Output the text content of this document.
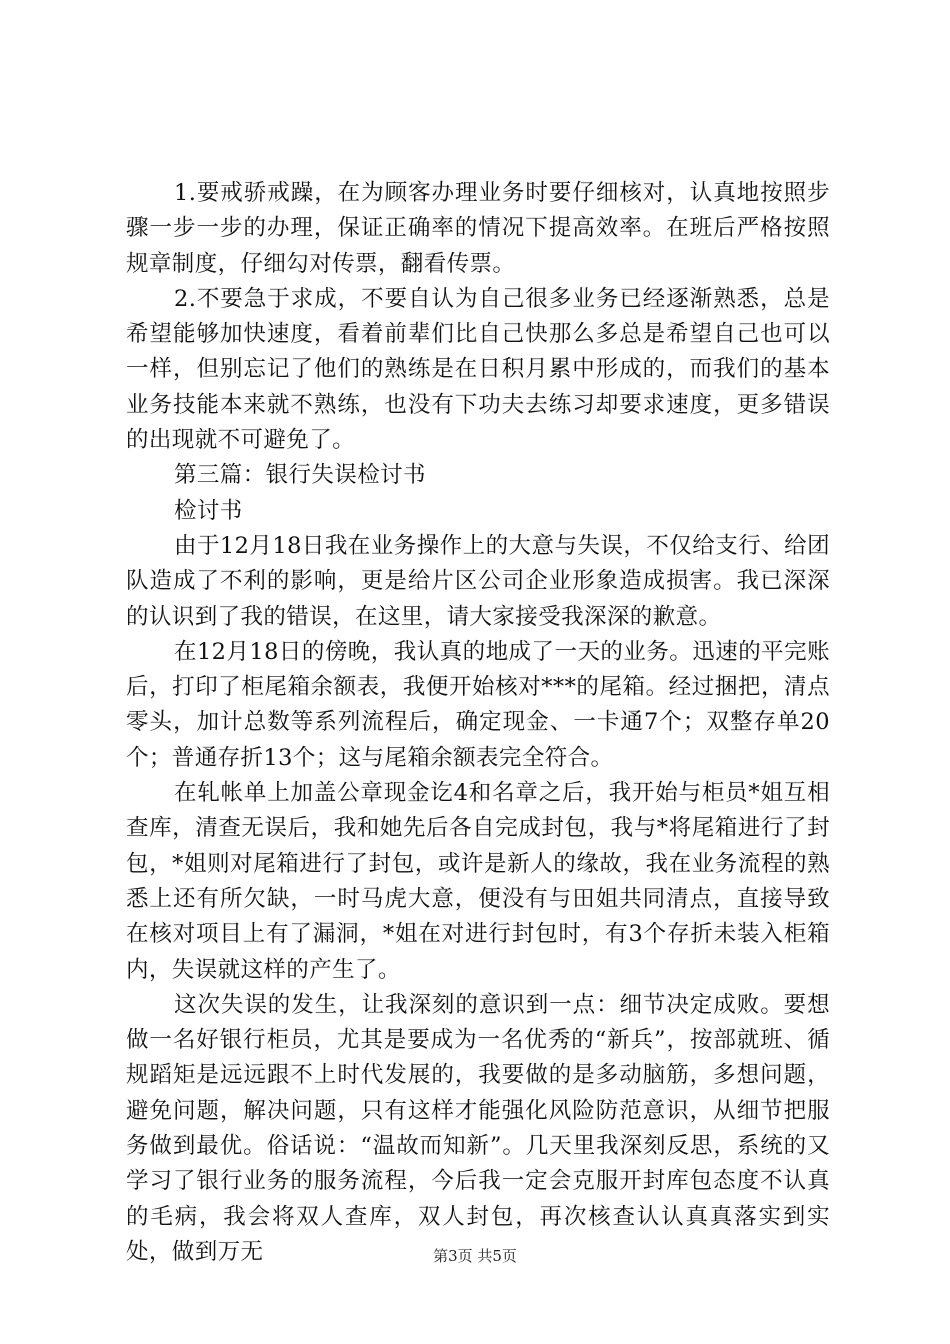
1.要戒骄戒躁，在为顾客办理业务时要仔细核对，认真地按照步骤一步一步的办理，保证正确率的情况下提高效率。在班后严格按照规章制度，仔细勾对传票，翻看传票。

2.不要急于求成，不要自认为自己很多业务已经逐渐熟悉，总是希望能够加快速度，看着前辈们比自己快那么多总是希望自己也可以一样，但别忘记了他们的熟练是在日积月累中形成的，而我们的基本业务技能本来就不熟练，也没有下功夫去练习却要求速度，更多错误的出现就不可避免了。

第三篇：银行失误检讨书

检讨书

由于12月18日我在业务操作上的大意与失误，不仅给支行、给团队造成了不利的影响，更是给片区公司企业形象造成损害。我已深深的认识到了我的错误，在这里，请大家接受我深深的歉意。

在12月18日的傍晚，我认真的地成了一天的业务。迅速的平完账后，打印了柜尾箱余额表，我便开始核对***的尾箱。经过捆把，清点零头，加计总数等系列流程后，确定现金、一卡通7个；双整存单20个；普通存折13个；这与尾箱余额表完全符合。

在轧帐单上加盖公章现金讫4和名章之后，我开始与柜员*姐互相查库，清查无误后，我和她先后各自完成封包，我与*将尾箱进行了封包，*姐则对尾箱进行了封包，或许是新人的缘故，我在业务流程的熟悉上还有所欠缺，一时马虎大意，便没有与田姐共同清点，直接导致在核对项目上有了漏洞，*姐在对进行封包时，有3个存折未装入柜箱内，失误就这样的产生了。

这次失误的发生，让我深刻的意识到一点：细节决定成败。要想做一名好银行柜员，尤其是要成为一名优秀的“新兵”，按部就班、循规蹈矩是远远跟不上时代发展的，我要做的是多动脑筋，多想问题，避免问题，解决问题，只有这样才能强化风险防范意识，从细节把服务做到最优。俗话说：“温故而知新”。几天里我深刻反思，系统的又学习了银行业务的服务流程，今后我一定会克服开封库包态度不认真的毛病，我会将双人查库，双人封包，再次核查认认真真落实到实处，做到万无	第3页 共5页
